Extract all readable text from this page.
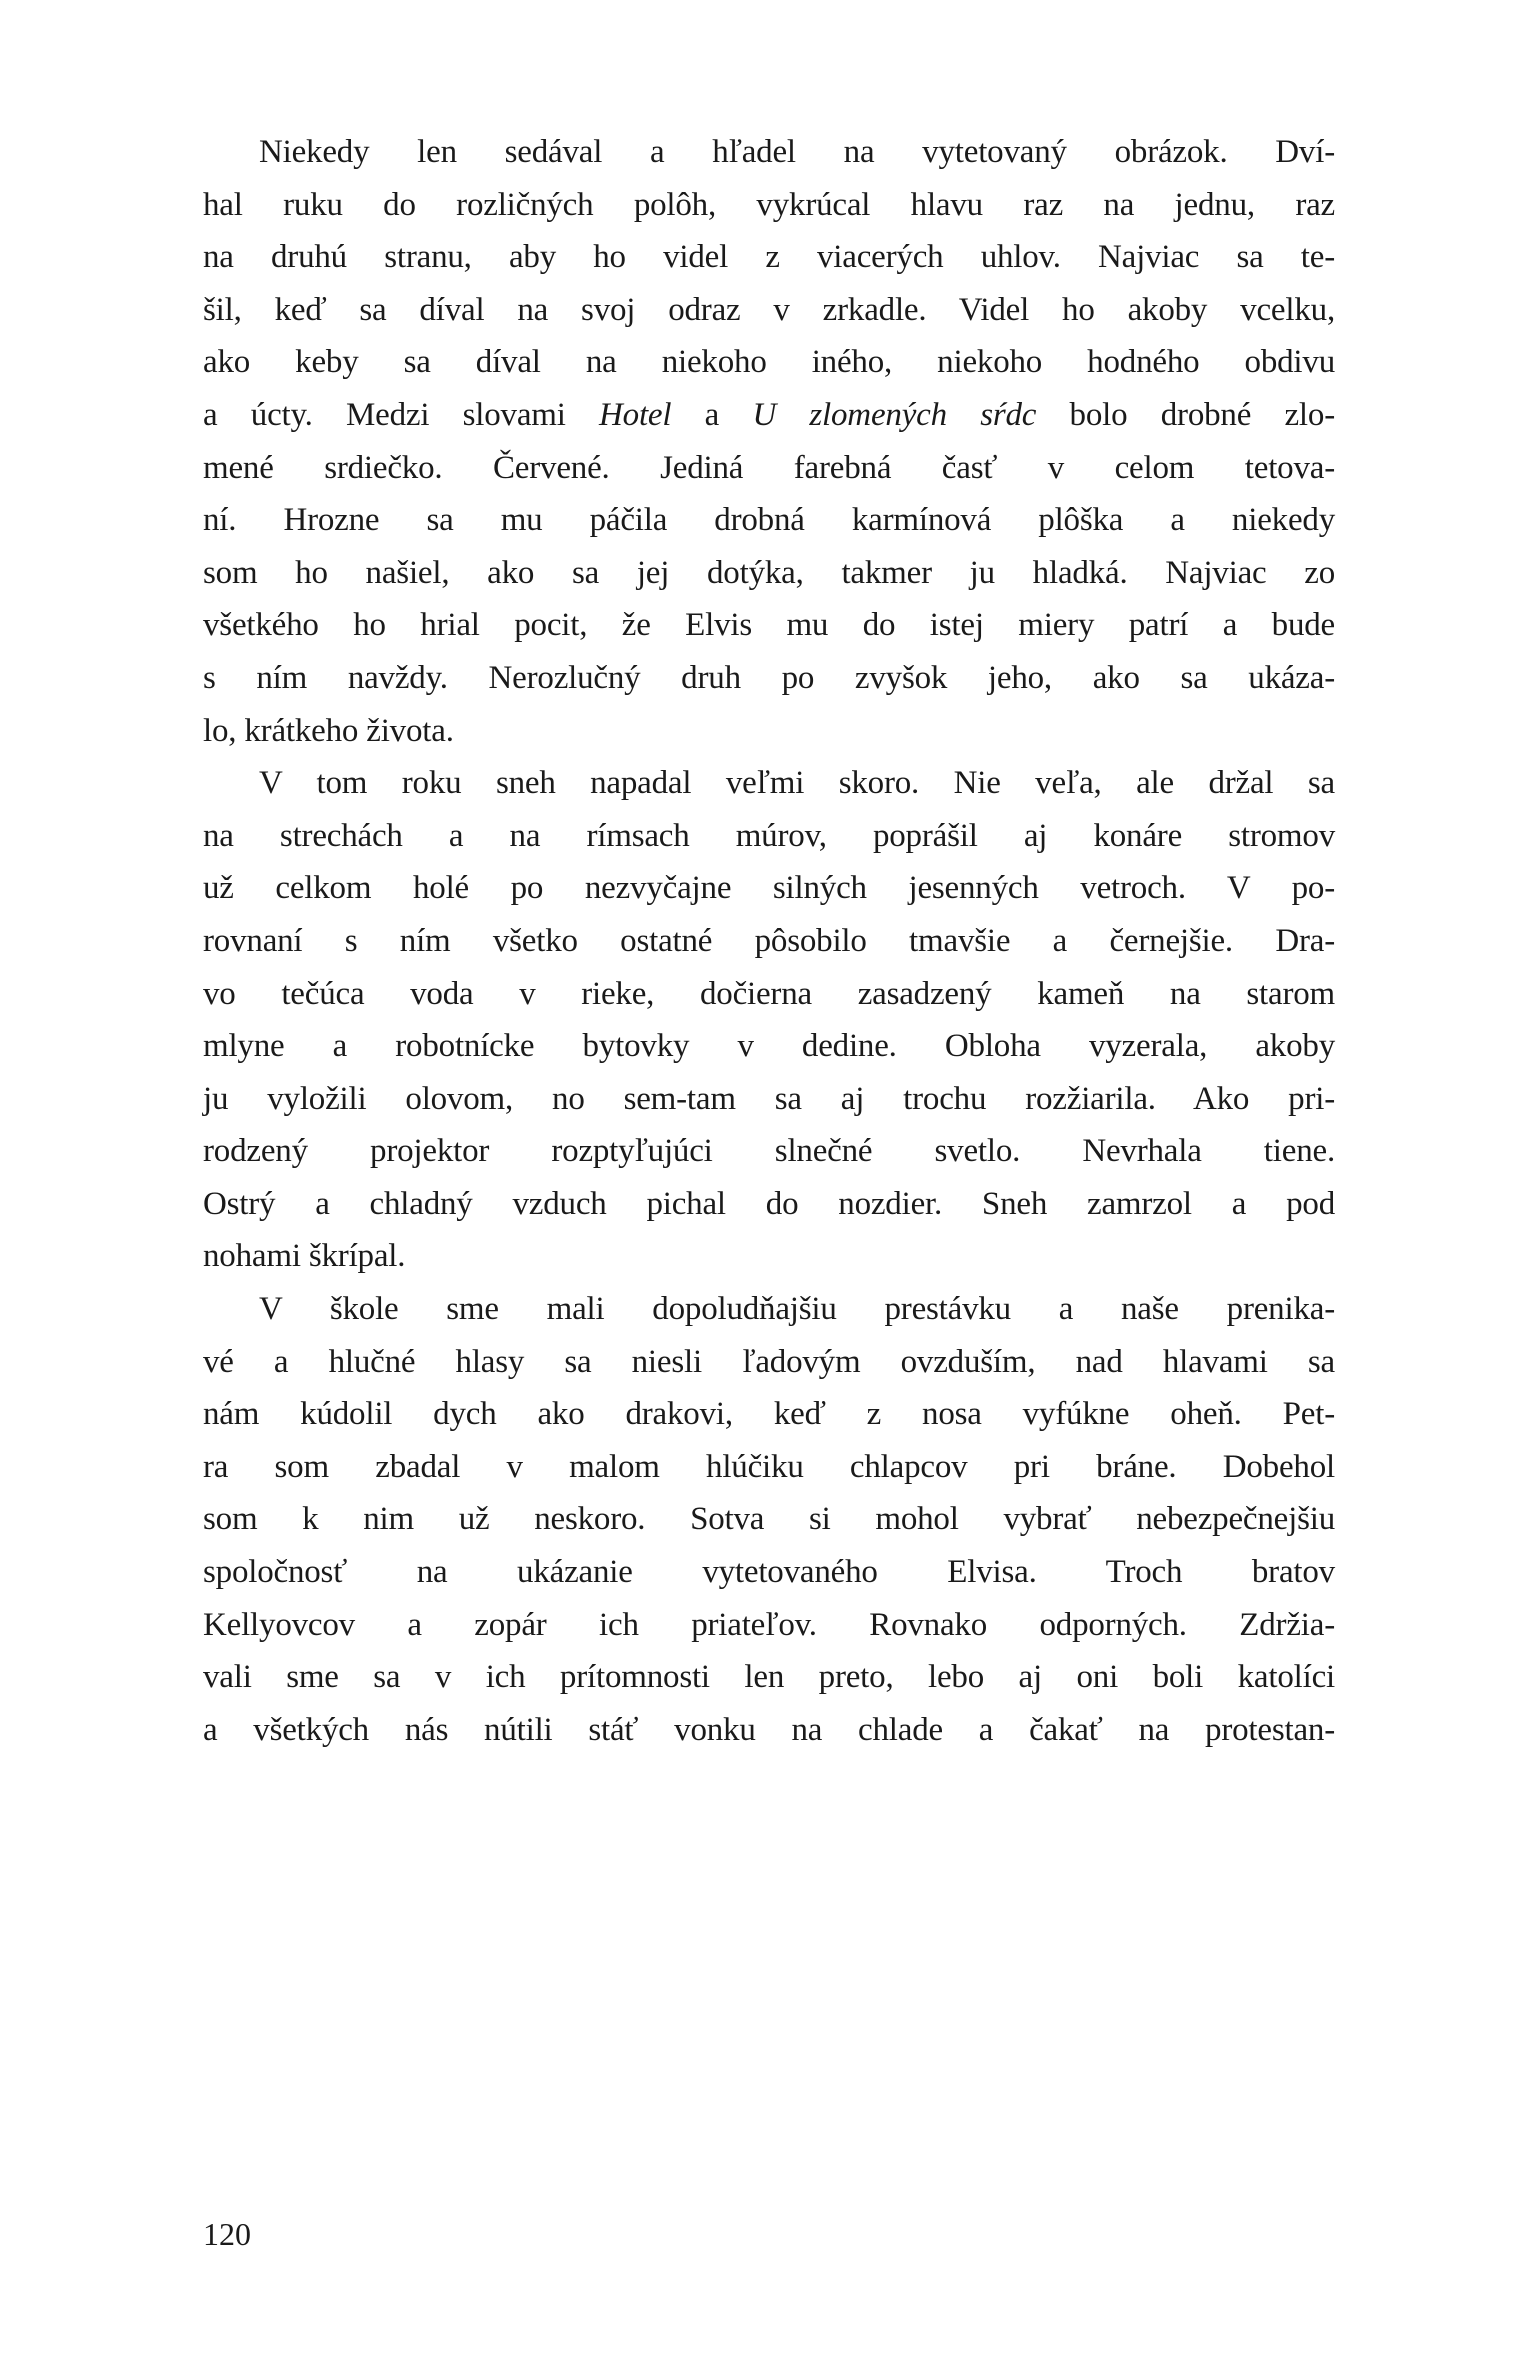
Niekedy len sedával a hľadel na vytetovaný obrázok. Dví-
hal ruku do rozličných polôh, vykrúcal hlavu raz na jednu, raz
na druhú stranu, aby ho videl z viacerých uhlov. Najviac sa te-
šil, keď sa díval na svoj odraz v zrkadle. Videl ho akoby vcelku,
ako keby sa díval na niekoho iného, niekoho hodného obdivu
a úcty. Medzi slovami Hotel a U zlomených sŕdc bolo drobné zlo-
mené srdiečko. Červené. Jediná farebná časť v celom tetova-
ní. Hrozne sa mu páčila drobná karmínová plôška a niekedy
som ho našiel, ako sa jej dotýka, takmer ju hladká. Najviac zo
všetkého ho hrial pocit, že Elvis mu do istej miery patrí a bude
s ním navždy. Nerozlučný druh po zvyšok jeho, ako sa ukáza-
lo, krátkeho života.
V tom roku sneh napadal veľmi skoro. Nie veľa, ale držal sa
na strechách a na rímsach múrov, poprášil aj konáre stromov
už celkom holé po nezvyčajne silných jesenných vetroch. V po-
rovnaní s ním všetko ostatné pôsobilo tmavšie a černejšie. Dra-
vo tečúca voda v rieke, dočierna zasadzený kameň na starom
mlyne a robotnícke bytovky v dedine. Obloha vyzerala, akoby
ju vyložili olovom, no sem-tam sa aj trochu rozžiarila. Ako pri-
rodzený projektor rozptyľujúci slnečné svetlo. Nevrhala tiene.
Ostrý a chladný vzduch pichal do nozdier. Sneh zamrzol a pod
nohami škrípal.
V škole sme mali dopoludňajšiu prestávku a naše prenika-
vé a hlučné hlasy sa niesli ľadovým ovzduším, nad hlavami sa
nám kúdolil dych ako drakovi, keď z nosa vyfúkne oheň. Pet-
ra som zbadal v malom hlúčiku chlapcov pri bráne. Dobehol
som k nim už neskoro. Sotva si mohol vybrať nebezpečnejšiu
spoločnosť na ukázanie vytetovaného Elvisa. Troch bratov
Kellyovcov a zopár ich priateľov. Rovnako odporných. Zdržia-
vali sme sa v ich prítomnosti len preto, lebo aj oni boli katolíci
a všetkých nás nútili stáť vonku na chlade a čakať na protestan-
120
